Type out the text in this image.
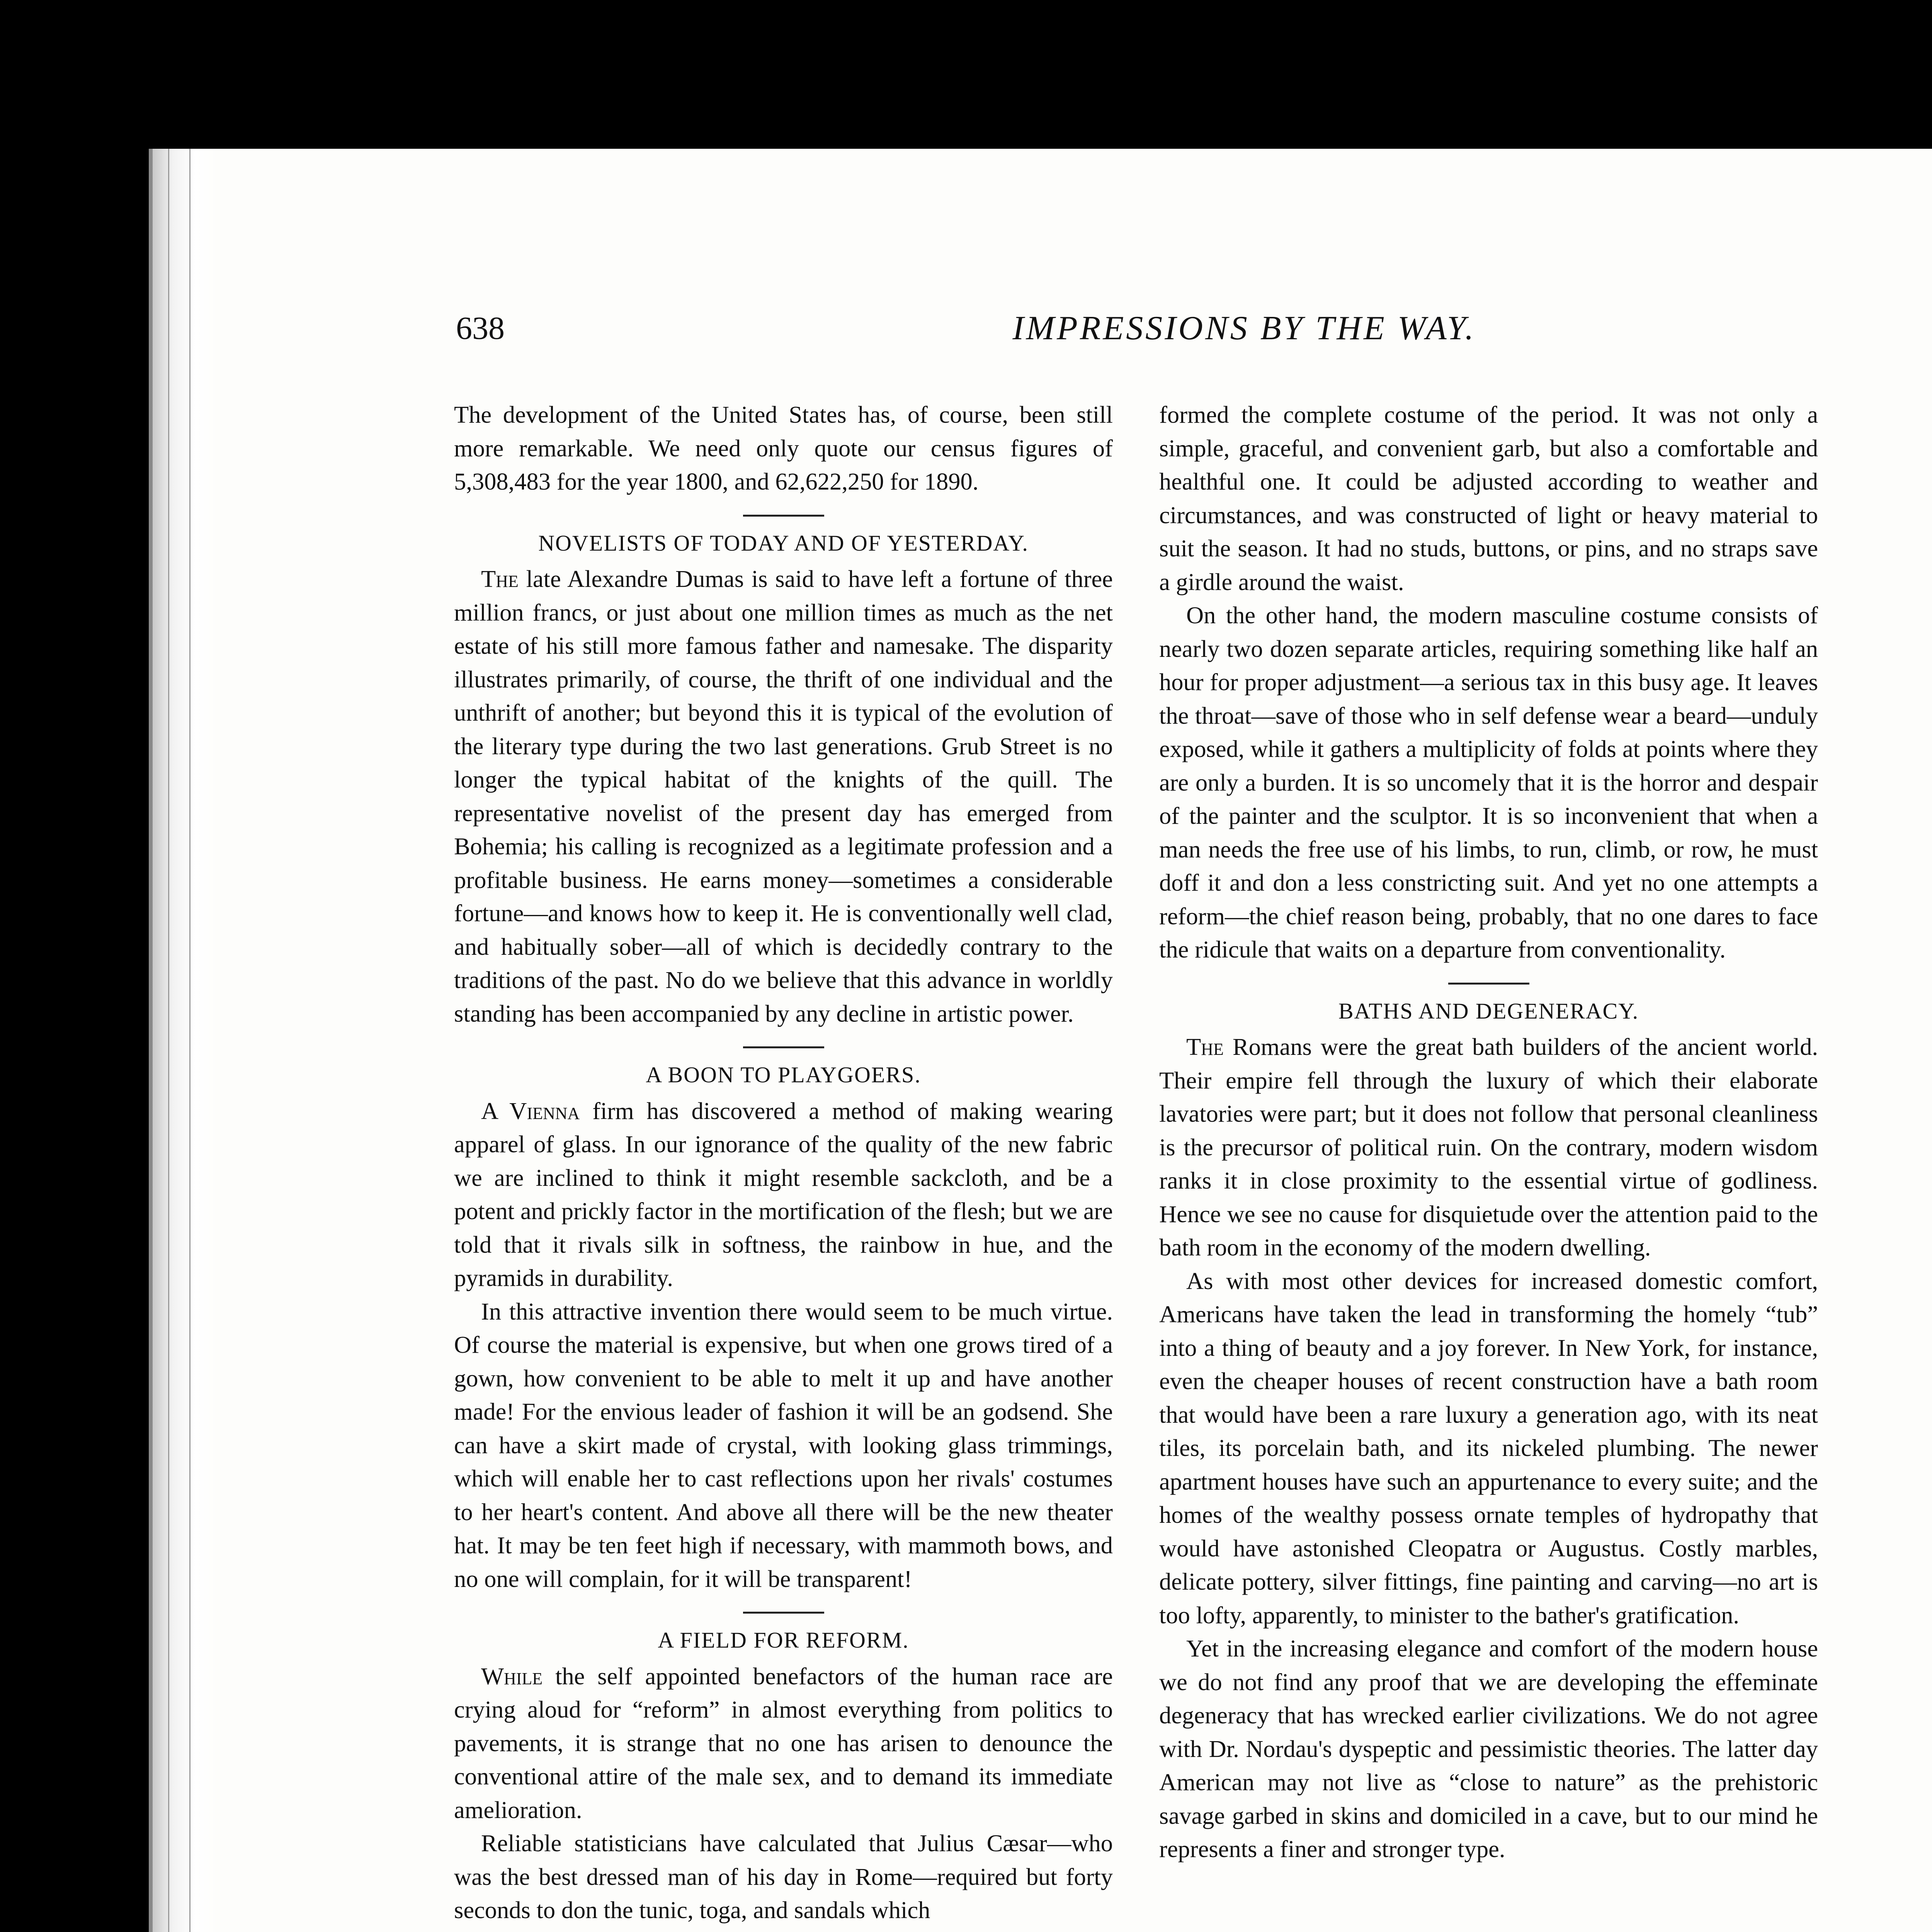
638	IMPRESSIONS BY THE WAY.

The development of the United States has, of course, been still more remarkable. We need only quote our census figures of 5,308,483 for the year 1800, and 62,622,250 for 1890.

NOVELISTS OF TODAY AND OF YESTERDAY.

The late Alexandre Dumas is said to have left a fortune of three million francs, or just about one million times as much as the net estate of his still more famous father and namesake. The disparity illustrates primarily, of course, the thrift of one individual and the unthrift of another; but beyond this it is typical of the evolution of the literary type during the two last generations. Grub Street is no longer the typical habitat of the knights of the quill. The representative novelist of the present day has emerged from Bohemia; his calling is recognized as a legitimate profession and a profitable business. He earns money—sometimes a considerable fortune—and knows how to keep it. He is conventionally well clad, and habitually sober—all of which is decidedly contrary to the traditions of the past. No do we believe that this advance in worldly standing has been accompanied by any decline in artistic power.

A BOON TO PLAYGOERS.

A Vienna firm has discovered a method of making wearing apparel of glass. In our ignorance of the quality of the new fabric we are inclined to think it might resemble sackcloth, and be a potent and prickly factor in the mortification of the flesh; but we are told that it rivals silk in softness, the rainbow in hue, and the pyramids in durability.

In this attractive invention there would seem to be much virtue. Of course the material is expensive, but when one grows tired of a gown, how convenient to be able to melt it up and have another made! For the envious leader of fashion it will be an godsend. She can have a skirt made of crystal, with looking glass trimmings, which will enable her to cast reflections upon her rivals' costumes to her heart's content. And above all there will be the new theater hat. It may be ten feet high if necessary, with mammoth bows, and no one will complain, for it will be transparent!

A FIELD FOR REFORM.

While the self appointed benefactors of the human race are crying aloud for “reform” in almost everything from politics to pavements, it is strange that no one has arisen to denounce the conventional attire of the male sex, and to demand its immediate amelioration.

Reliable statisticians have calculated that Julius Cæsar—who was the best dressed man of his day in Rome—required but forty seconds to don the tunic, toga, and sandals which

formed the complete costume of the period. It was not only a simple, graceful, and convenient garb, but also a comfortable and healthful one. It could be adjusted according to weather and circumstances, and was constructed of light or heavy material to suit the season. It had no studs, buttons, or pins, and no straps save a girdle around the waist.

On the other hand, the modern masculine costume consists of nearly two dozen separate articles, requiring something like half an hour for proper adjustment—a serious tax in this busy age. It leaves the throat—save of those who in self defense wear a beard—unduly exposed, while it gathers a multiplicity of folds at points where they are only a burden. It is so uncomely that it is the horror and despair of the painter and the sculptor. It is so inconvenient that when a man needs the free use of his limbs, to run, climb, or row, he must doff it and don a less constricting suit. And yet no one attempts a reform—the chief reason being, probably, that no one dares to face the ridicule that waits on a departure from conventionality.

BATHS AND DEGENERACY.

The Romans were the great bath builders of the ancient world. Their empire fell through the luxury of which their elaborate lavatories were part; but it does not follow that personal cleanliness is the precursor of political ruin. On the contrary, modern wisdom ranks it in close proximity to the essential virtue of godliness. Hence we see no cause for disquietude over the attention paid to the bath room in the economy of the modern dwelling.

As with most other devices for increased domestic comfort, Americans have taken the lead in transforming the homely “tub” into a thing of beauty and a joy forever. In New York, for instance, even the cheaper houses of recent construction have a bath room that would have been a rare luxury a generation ago, with its neat tiles, its porcelain bath, and its nickeled plumbing. The newer apartment houses have such an appurtenance to every suite; and the homes of the wealthy possess ornate temples of hydropathy that would have astonished Cleopatra or Augustus. Costly marbles, delicate pottery, silver fittings, fine painting and carving—no art is too lofty, apparently, to minister to the bather's gratification.

Yet in the increasing elegance and comfort of the modern house we do not find any proof that we are developing the effeminate degeneracy that has wrecked earlier civilizations. We do not agree with Dr. Nordau's dyspeptic and pessimistic theories. The latter day American may not live as “close to nature” as the prehistoric savage garbed in skins and domiciled in a cave, but to our mind he represents a finer and stronger type.
